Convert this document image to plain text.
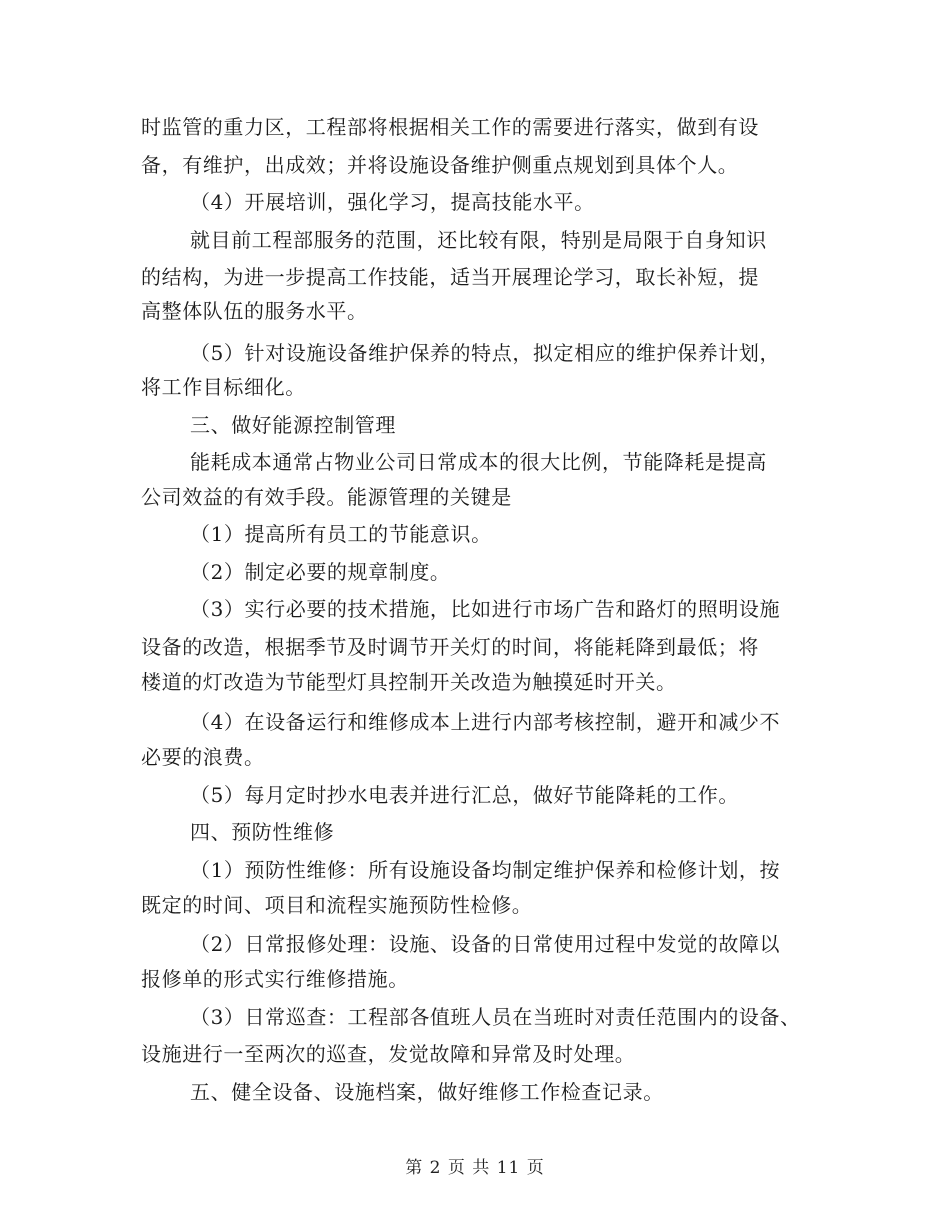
时监管的重力区，工程部将根据相关工作的需要进行落实，做到有设
备，有维护，出成效；并将设施设备维护侧重点规划到具体个人。
（4）开展培训，强化学习，提高技能水平。
就目前工程部服务的范围，还比较有限，特别是局限于自身知识
的结构，为进一步提高工作技能，适当开展理论学习，取长补短，提
高整体队伍的服务水平。
（5）针对设施设备维护保养的特点，拟定相应的维护保养计划，
将工作目标细化。
三、做好能源控制管理
能耗成本通常占物业公司日常成本的很大比例，节能降耗是提高
公司效益的有效手段。能源管理的关键是
（1）提高所有员工的节能意识。
（2）制定必要的规章制度。
（3）实行必要的技术措施，比如进行市场广告和路灯的照明设施
设备的改造，根据季节及时调节开关灯的时间，将能耗降到最低；将
楼道的灯改造为节能型灯具控制开关改造为触摸延时开关。
（4）在设备运行和维修成本上进行内部考核控制，避开和减少不
必要的浪费。
（5）每月定时抄水电表并进行汇总，做好节能降耗的工作。
四、预防性维修
（1）预防性维修：所有设施设备均制定维护保养和检修计划，按
既定的时间、项目和流程实施预防性检修。
（2）日常报修处理：设施、设备的日常使用过程中发觉的故障以
报修单的形式实行维修措施。
（3）日常巡查：工程部各值班人员在当班时对责任范围内的设备、
设施进行一至两次的巡查，发觉故障和异常及时处理。
五、健全设备、设施档案，做好维修工作检查记录。
第 2 页 共 11 页
